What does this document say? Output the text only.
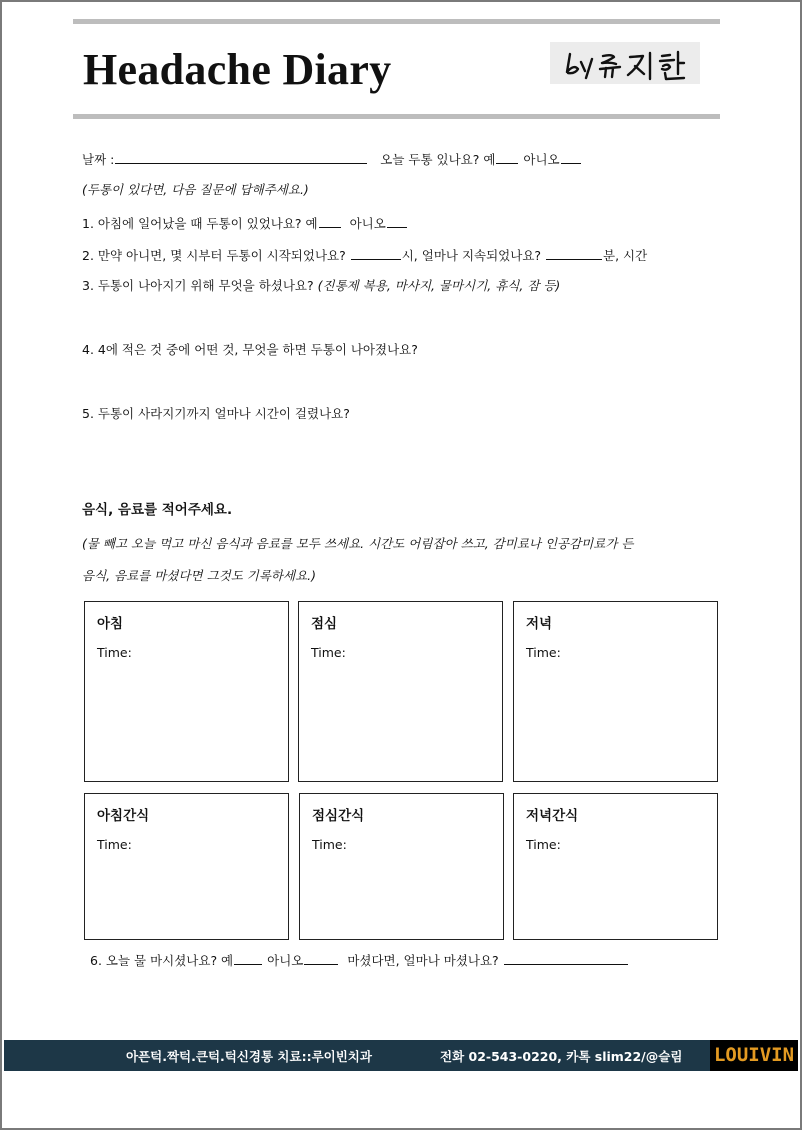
Headache Diary
날짜 :	오늘 두통 있나요? 예 아니오
(두통이 있다면, 다음 질문에 답해주세요.)
1. 아침에 일어났을 때 두통이 있었나요? 예	아니오
2. 만약 아니면, 몇 시부터 두통이 시작되었나요?	시, 얼마나 지속되었나요?	분, 시간
3. 두통이 나아지기 위해 무엇을 하셨나요? (진통제 복용, 마사지, 물마시기, 휴식, 잠 등)
4. 4에 적은 것 중에 어떤 것, 무엇을 하면 두통이 나아졌나요?
5. 두통이 사라지기까지 얼마나 시간이 걸렸나요?
음식, 음료를 적어주세요.
(물 빼고 오늘 먹고 마신 음식과 음료를 모두 쓰세요. 시간도 어림잡아 쓰고, 감미료나 인공감미료가 든
음식, 음료를 마셨다면 그것도 기록하세요.)
아침
Time:
점심
Time:
저녁
Time:
아침간식
Time:
점심간식
Time:
저녁간식
Time:
6. 오늘 물 마시셨나요? 예	아니오	마셨다면, 얼마나 마셨나요?
아픈턱.짝턱.큰턱.턱신경통 치료::루이빈치과	전화 02-543-0220, 카톡 slim22/@슬림 LOUIVIN
